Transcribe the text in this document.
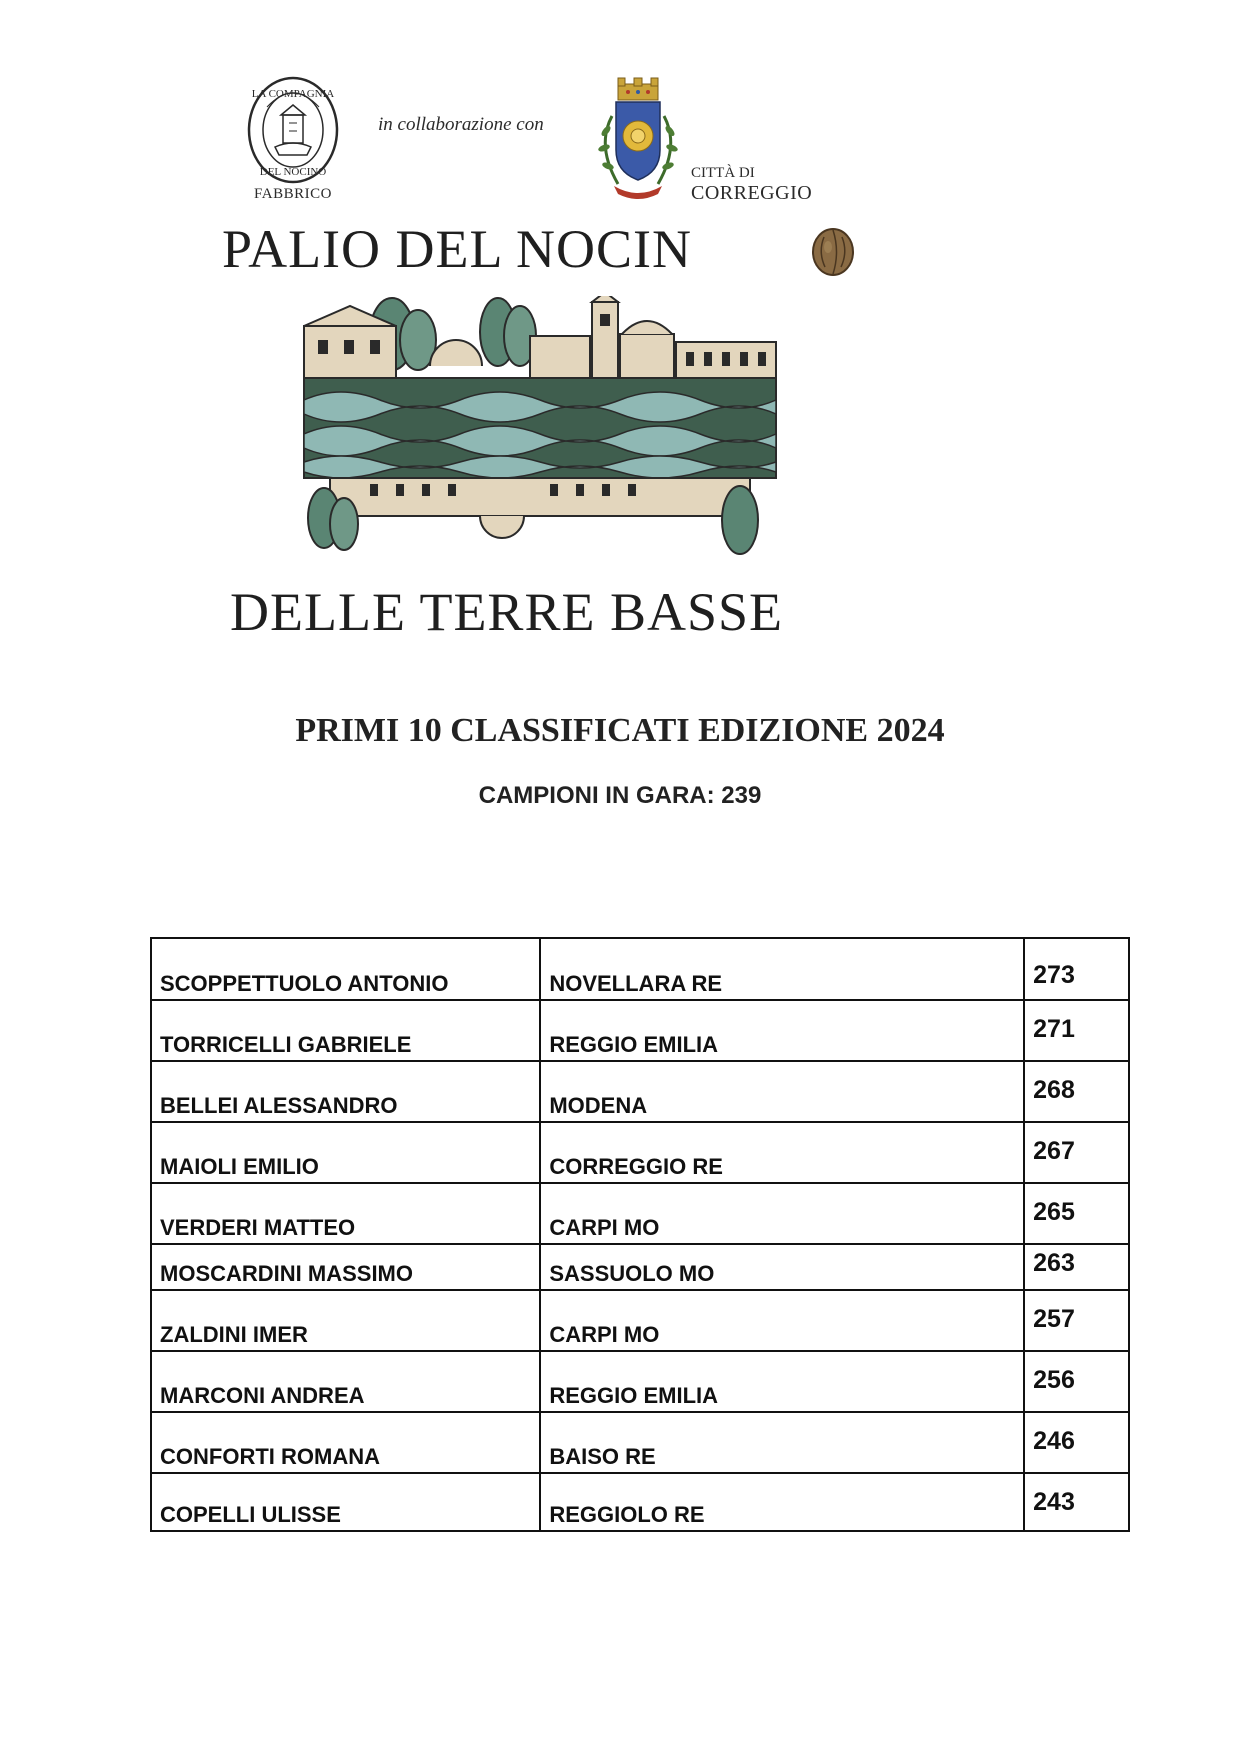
LA COMPAGNIA
DEL NOCINO
FABBRICO
in collaborazione con
CITTÀ DI
CORREGGIO
PALIO DEL NOCIN
DELLE TERRE BASSE
PRIMI 10 CLASSIFICATI EDIZIONE 2024
CAMPIONI IN GARA: 239
SCOPPETTUOLO ANTONIO	NOVELLARA RE	273
TORRICELLI GABRIELE	REGGIO EMILIA	271
BELLEI ALESSANDRO	MODENA	268
MAIOLI EMILIO	CORREGGIO RE	267
VERDERI MATTEO	CARPI MO	265
MOSCARDINI MASSIMO	SASSUOLO MO	263
ZALDINI IMER	CARPI MO	257
MARCONI ANDREA	REGGIO EMILIA	256
CONFORTI ROMANA	BAISO RE	246
COPELLI ULISSE	REGGIOLO RE	243
